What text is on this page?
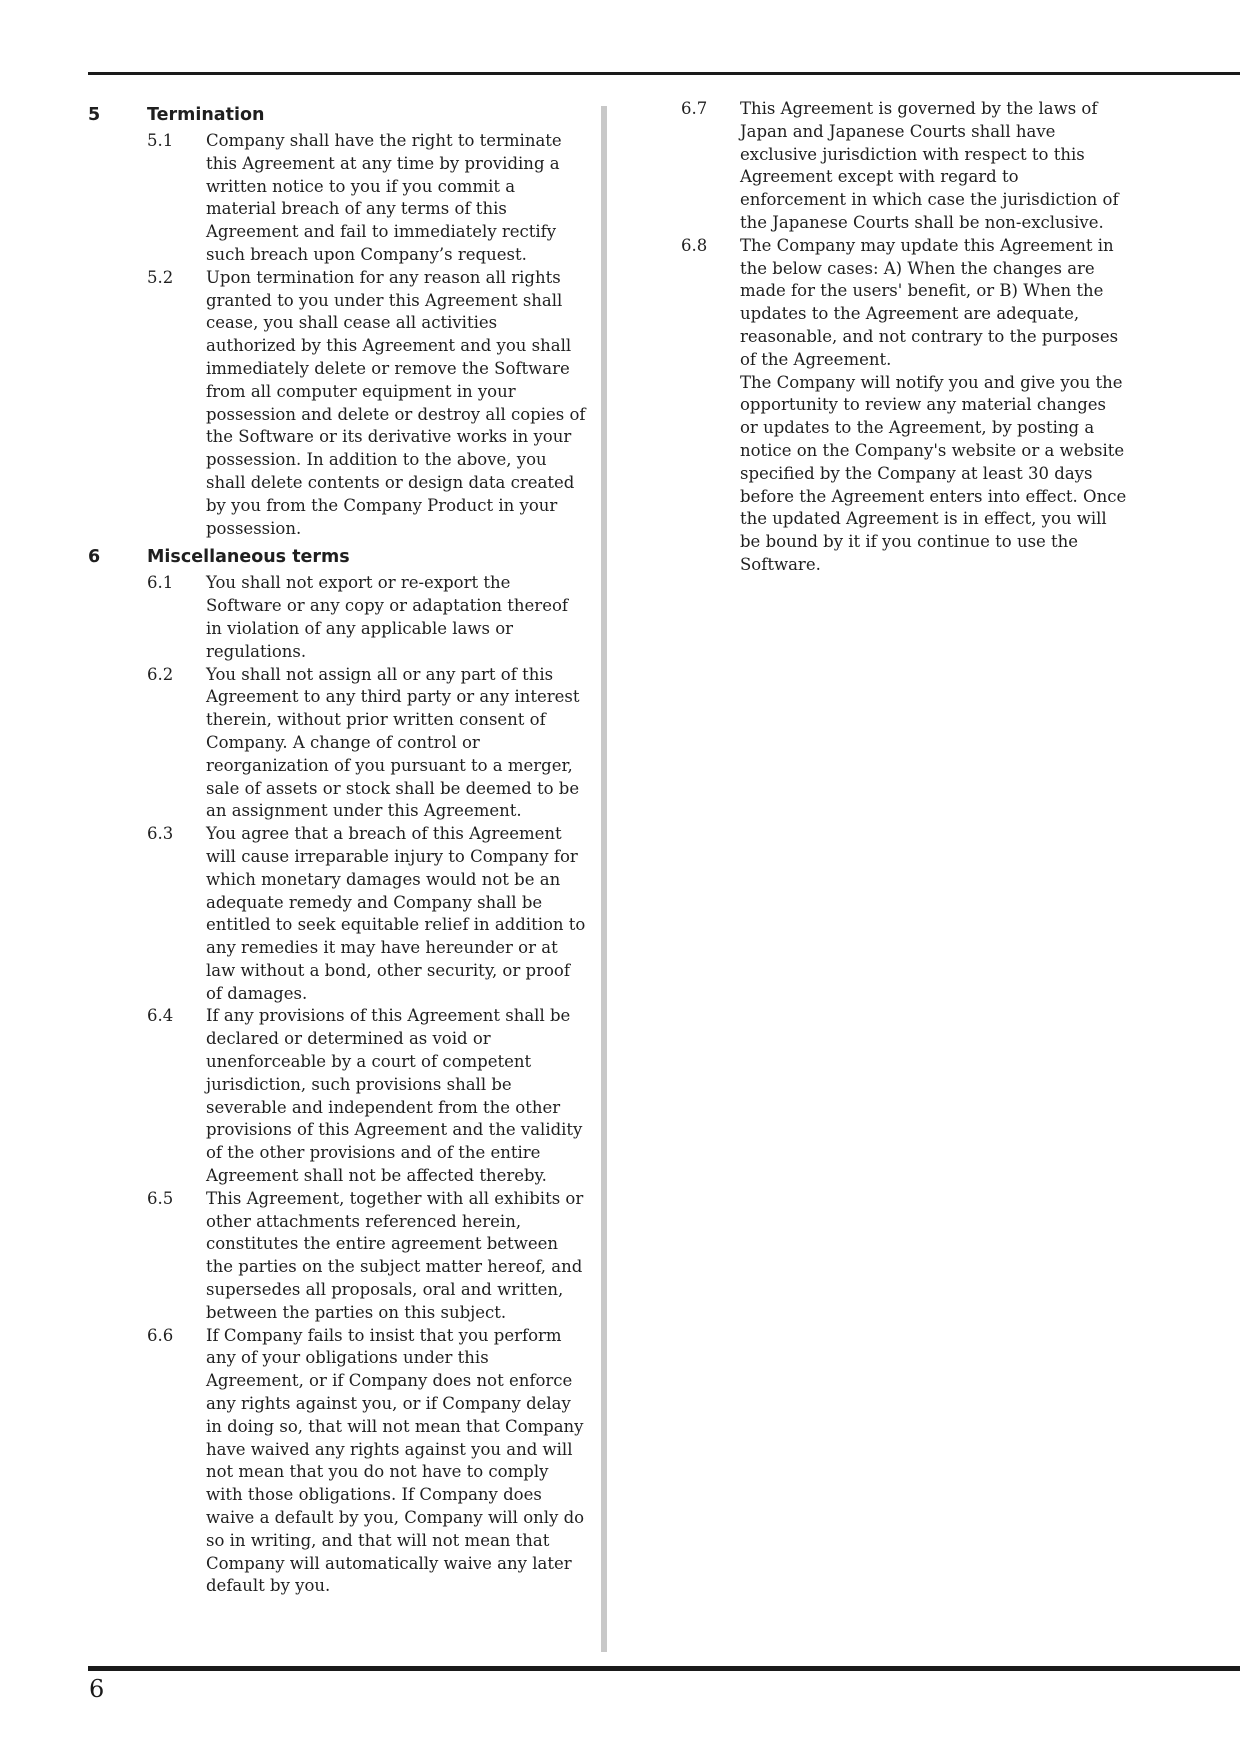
5	Termination
5.1	Company shall have the right to terminate this Agreement at any time by providing a written notice to you if you commit a material breach of any terms of this Agreement and fail to immediately rectify such breach upon Company’s request.

5.2	Upon termination for any reason all rights granted to you under this Agreement shall cease, you shall cease all activities authorized by this Agreement and you shall immediately delete or remove the Software from all computer equipment in your possession and delete or destroy all copies of the Software or its derivative works in your possession. In addition to the above, you shall delete contents or design data created by you from the Company Product in your possession.

6	Miscellaneous terms
6.1	You shall not export or re-export the Software or any copy or adaptation thereof in violation of any applicable laws or regulations.

6.2	You shall not assign all or any part of this Agreement to any third party or any interest therein, without prior written consent of Company. A change of control or reorganization of you pursuant to a merger, sale of assets or stock shall be deemed to be an assignment under this Agreement.

6.3	You agree that a breach of this Agreement will cause irreparable injury to Company for which monetary damages would not be an adequate remedy and Company shall be entitled to seek equitable relief in addition to any remedies it may have hereunder or at law without a bond, other security, or proof of damages.

6.4	If any provisions of this Agreement shall be declared or determined as void or unenforceable by a court of competent jurisdiction, such provisions shall be severable and independent from the other provisions of this Agreement and the validity of the other provisions and of the entire Agreement shall not be affected thereby.

6.5	This Agreement, together with all exhibits or other attachments referenced herein, constitutes the entire agreement between the parties on the subject matter hereof, and supersedes all proposals, oral and written, between the parties on this subject.

6.6	If Company fails to insist that you perform any of your obligations under this Agreement, or if Company does not enforce any rights against you, or if Company delay in doing so, that will not mean that Company have waived any rights against you and will not mean that you do not have to comply with those obligations. If Company does waive a default by you, Company will only do so in writing, and that will not mean that Company will automatically waive any later default by you.

6.7	This Agreement is governed by the laws of Japan and Japanese Courts shall have exclusive jurisdiction with respect to this Agreement except with regard to enforcement in which case the jurisdiction of the Japanese Courts shall be non-exclusive.

6.8	The Company may update this Agreement in the below cases: A) When the changes are made for the users' benefit, or B) When the updates to the Agreement are adequate, reasonable, and not contrary to the purposes of the Agreement.

The Company will notify you and give you the opportunity to review any material changes or updates to the Agreement, by posting a notice on the Company's website or a website specified by the Company at least 30 days before the Agreement enters into effect. Once the updated Agreement is in effect, you will be bound by it if you continue to use the Software.

6
